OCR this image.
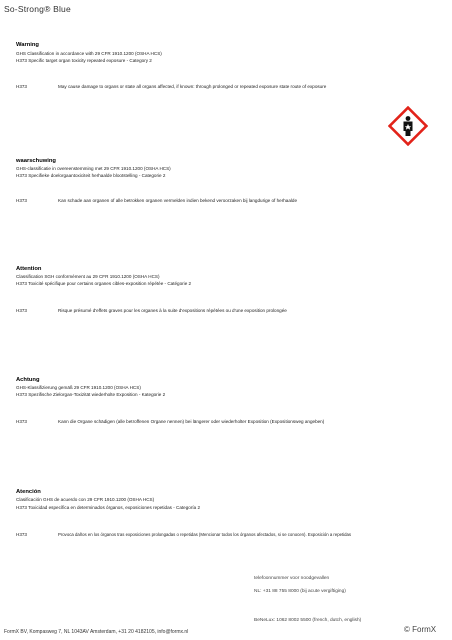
So-Strong® Blue
Warning
GHS Classification in accordance with 29 CFR 1910.1200 (OSHA HCS)
H373 Specific target organ toxicity repeated exposure - Category 2
H373	May cause damage to organs or state all organs affected, if known: through prolonged or repeated exposure state route of exposure
waarschuwing
GHS-classificatie in overeenstemming met 29 CFR 1910.1200 (OSHA HCS)
H373 Specifieke doelorgaantoxiciteit herhaalde blootstelling - Categorie 2
H373	Kan schade aan organen of alle betrokken organen vermelden indien bekend veroorzaken bij langdurige of herhaalde
Attention
Classification SGH conformément au 29 CFR 1910.1200 (OSHA HCS)
H373 Toxicité spécifique pour certains organes cibles-exposition répétée - Catégorie 2
H373	Risque présumé d'effets graves pour les organes à la suite d'expositions répétées ou d'une exposition prolongée
Achtung
GHS-Klassifizierung gemäß 29 CFR 1910.1200 (OSHA HCS)
H373 Spezifische Zielorgan-Toxizität wiederholte Exposition - Kategorie 2
H373	Kann die Organe schädigen (alle betroffenen Organe nennen) bei längerer oder wiederholter Exposition (Expositionsweg angeben)
Atención
Clasificación GHS de acuerdo con 29 CFR 1910.1200 (OSHA HCS)
H373 Toxicidad específica en determinados órganos, exposiciones repetidas - Categoría 2
H373	Provoca daños en los órganos tras exposiciones prolongadas o repetidas (Mencionar todos los órganos afectados, si se conocen). Exposición a repetidas
telefoonnummer voor noodgevallen
NL: +31 88 755 8000 (bij acute vergiftiging)
BeNeLux: 1062 8002 5500 (french, dutch, english)
FormX BV, Kompasweg 7, NL 1043AV Amsterdam, +31 20 4182105, info@formx.nl	© FormX
